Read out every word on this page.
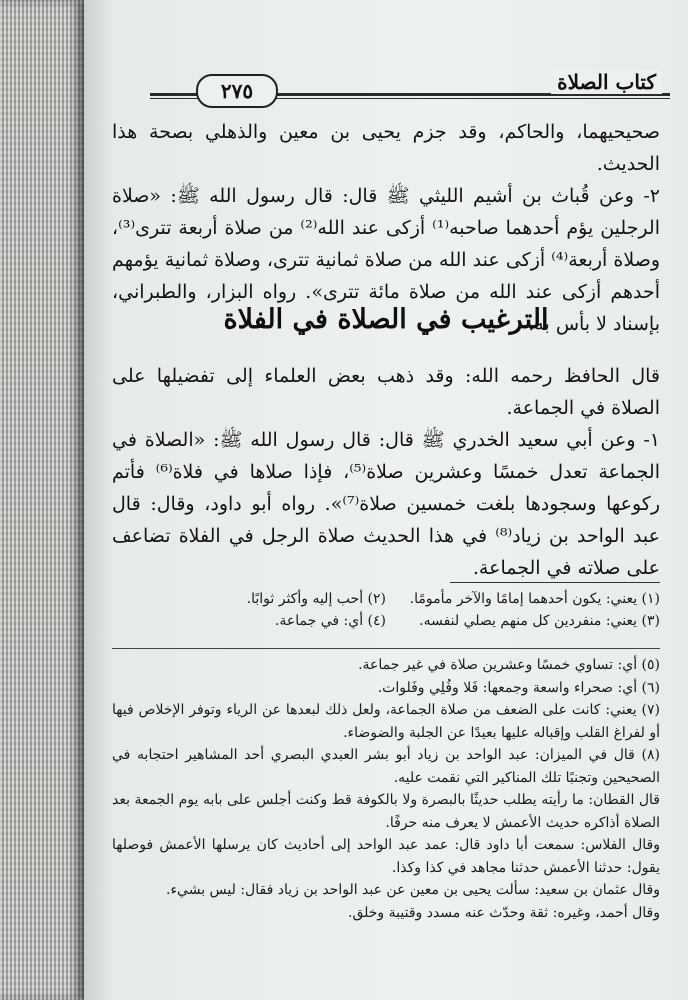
٢٧٥	كتاب الصلاة

صحيحيهما، والحاكم، وقد جزم يحيى بن معين والذهلي بصحة هذا الحديث.

٢- وعن قُباث بن أشيم الليثي ﷺ قال: قال رسول الله ﷺ: «صلاة الرجلين يؤم أحدهما صاحبه⁽¹⁾ أزكى عند الله⁽²⁾ من صلاة أربعة تترى⁽³⁾، وصلاة أربعة⁽⁴⁾ أزكى عند الله من صلاة ثمانية تترى، وصلاة ثمانية يؤمهم أحدهم أزكى عند الله من صلاة مائة تترى». رواه البزار، والطبراني، بإسناد لا بأس به.

الترغيب في الصلاة في الفلاة

قال الحافظ رحمه الله: وقد ذهب بعض العلماء إلى تفضيلها على الصلاة في الجماعة.

١- وعن أبي سعيد الخدري ﷺ قال: قال رسول الله ﷺ: «الصلاة في الجماعة تعدل خمسًا وعشرين صلاة⁽⁵⁾، فإذا صلاها في فلاة⁽⁶⁾ فأتم ركوعها وسجودها بلغت خمسين صلاة⁽⁷⁾». رواه أبو داود، وقال: قال عبد الواحد بن زياد⁽⁸⁾ في هذا الحديث صلاة الرجل في الفلاة تضاعف على صلاته في الجماعة.

(١) يعني: يكون أحدهما إمامًا والآخر مأمومًا.
(٢) أحب إليه وأكثر ثوابًا.
(٣) يعني: منفردين كل منهم يصلي لنفسه.
(٤) أي: في جماعة.

(٥) أي: تساوي خمسًا وعشرين صلاة في غير جماعة.

(٦) أي: صحراء واسعة وجمعها: فَلا وفُلِي وفَلوات.

(٧) يعني: كانت على الضعف من صلاة الجماعة، ولعل ذلك لبعدها عن الرياء وتوفر الإخلاص فيها أو لفراغ القلب وإقباله عليها بعيدًا عن الجلبة والضوضاء.

(٨) قال في الميزان: عبد الواحد بن زياد أبو بشر العبدي البصري أحد المشاهير احتجابه في الصحيحين وتجنبًا تلك المناكير التي نقمت عليه.

قال القطان: ما رأيته يطلب حديثًا بالبصرة ولا بالكوفة قط وكنت أجلس على بابه يوم الجمعة بعد الصلاة أذاكره حديث الأعمش لا يعرف منه حرفًا.

وقال الفلاس: سمعت أبا داود قال: عمد عبد الواحد إلى أحاديث كان يرسلها الأعمش فوصلها يقول: حدثنا الأعمش حدثنا مجاهد في كذا وكذا.

وقال عثمان بن سعيد: سألت يحيى بن معين عن عبد الواحد بن زياد فقال: ليس بشيء.

وقال أحمد، وغيره: ثقة وحدّث عنه مسدد وقتيبة وخلق.
